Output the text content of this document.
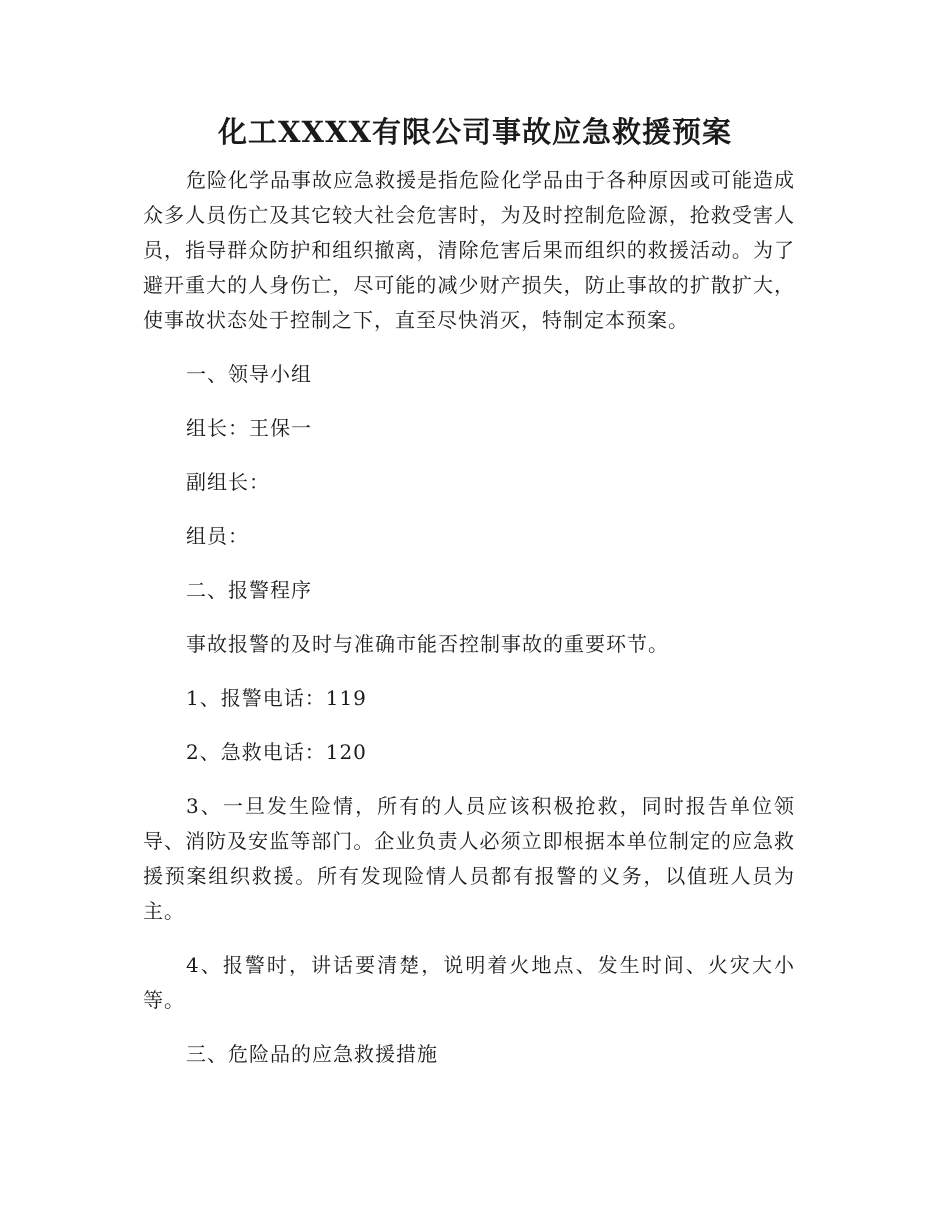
化工XXXX有限公司事故应急救援预案

危险化学品事故应急救援是指危险化学品由于各种原因或可能造成众多人员伤亡及其它较大社会危害时，为及时控制危险源，抢救受害人员，指导群众防护和组织撤离，清除危害后果而组织的救援活动。为了避开重大的人身伤亡，尽可能的减少财产损失，防止事故的扩散扩大，使事故状态处于控制之下，直至尽快消灭，特制定本预案。

一、领导小组

组长：王保一

副组长：

组员：

二、报警程序

事故报警的及时与准确市能否控制事故的重要环节。

1、报警电话：119

2、急救电话：120

3、一旦发生险情，所有的人员应该积极抢救，同时报告单位领导、消防及安监等部门。企业负责人必须立即根据本单位制定的应急救援预案组织救援。所有发现险情人员都有报警的义务，以值班人员为主。

4、报警时，讲话要清楚，说明着火地点、发生时间、火灾大小等。

三、危险品的应急救援措施
